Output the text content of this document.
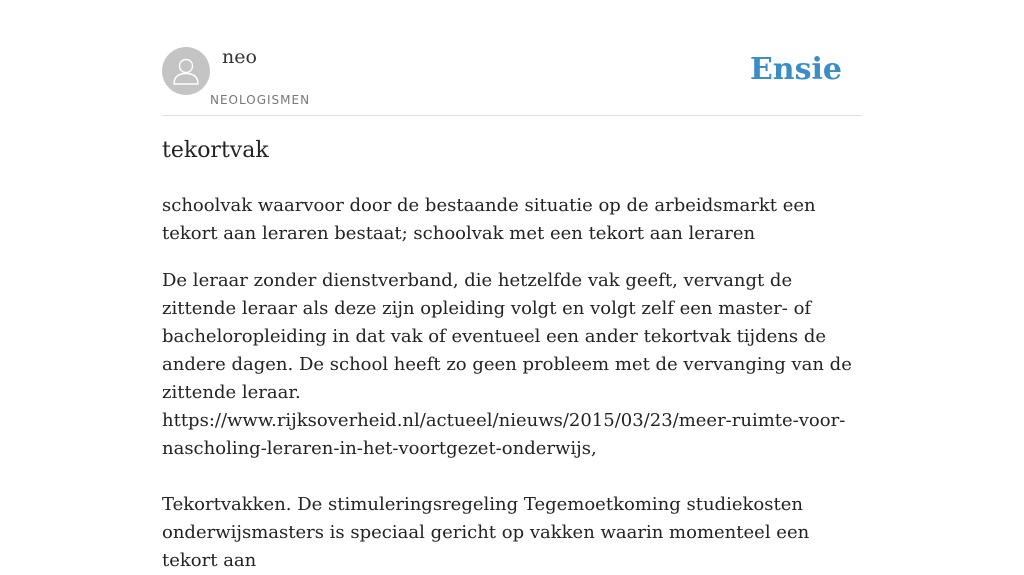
neo
NEOLOGISMEN
Ensie
tekortvak

schoolvak waarvoor door de bestaande situatie op de arbeidsmarkt een tekort aan leraren bestaat; schoolvak met een tekort aan leraren

De leraar zonder dienstverband, die hetzelfde vak geeft, vervangt de zittende leraar als deze zijn opleiding volgt en volgt zelf een master- of bacheloropleiding in dat vak of eventueel een ander tekortvak tijdens de andere dagen. De school heeft zo geen probleem met de vervanging van de zittende leraar.
https://www.rijksoverheid.nl/actueel/nieuws/2015/03/23/meer-ruimte-voor-nascholing-leraren-in-het-voortgezet-onderwijs,

Tekortvakken. De stimuleringsregeling Tegemoetkoming studiekosten onderwijsmasters is speciaal gericht op vakken waarin momenteel een tekort aan
